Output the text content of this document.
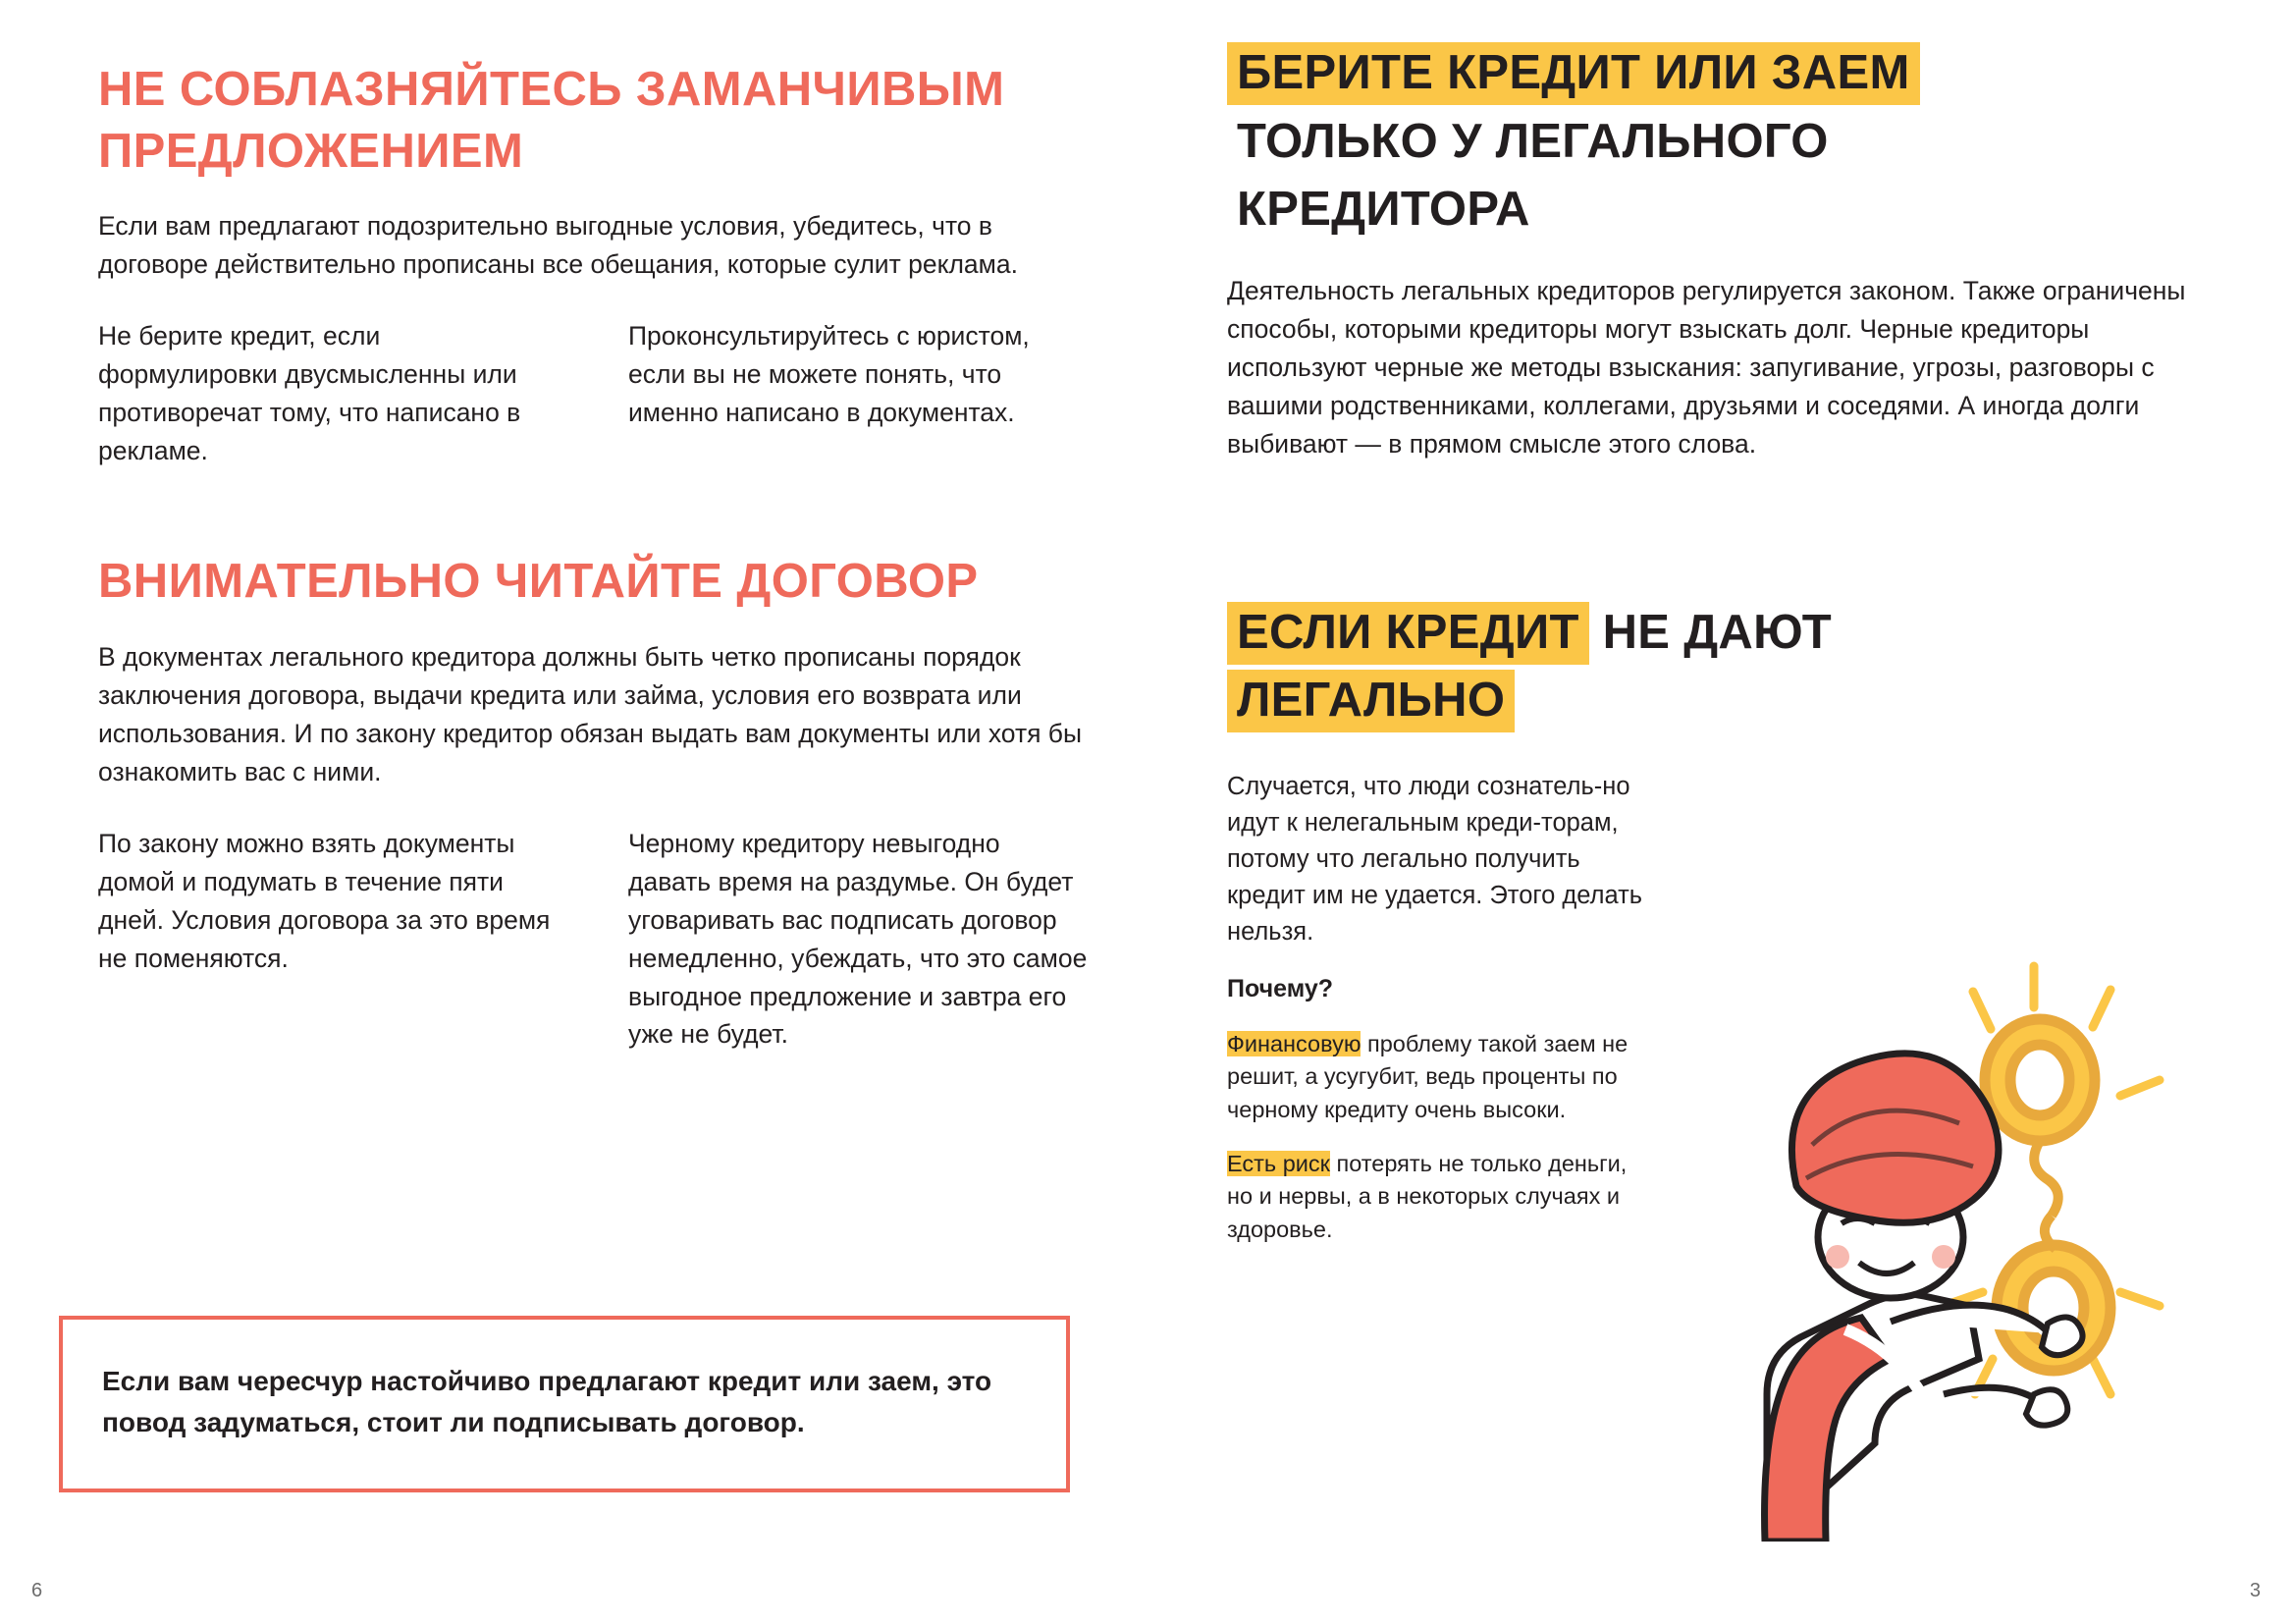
НЕ СОБЛАЗНЯЙТЕСЬ ЗАМАНЧИВЫМ ПРЕДЛОЖЕНИЕМ

Если вам предлагают подозрительно выгодные условия, убедитесь, что в договоре действительно прописаны все обещания, которые сулит реклама.

Не берите кредит, если формулировки двусмысленны или противоречат тому, что написано в рекламе.
Проконсультируйтесь с юристом, если вы не можете понять, что именно написано в документах.
ВНИМАТЕЛЬНО ЧИТАЙТЕ ДОГОВОР

В документах легального кредитора должны быть четко прописаны порядок заключения договора, выдачи кредита или займа, условия его возврата или использования. И по закону кредитор обязан выдать вам документы или хотя бы ознакомить вас с ними.

По закону можно взять документы домой и подумать в течение пяти дней. Условия договора за это время не поменяются.
Черному кредитору невыгодно давать время на раздумье. Он будет уговаривать вас подписать договор немедленно, убеждать, что это самое выгодное предложение и завтра его уже не будет.
Если вам чересчур настойчиво предлагают кредит или заем, это повод задуматься, стоит ли подписывать договор.
6
БЕРИТЕ КРЕДИТ ИЛИ ЗАЕМ
ТОЛЬКО У ЛЕГАЛЬНОГО
КРЕДИТОРА

Деятельность легальных кредиторов регулируется законом. Также ограничены способы, которыми кредиторы могут взыскать долг. Черные кредиторы используют черные же методы взыскания: запугивание, угрозы, разговоры с вашими родственниками, коллегами, друзьями и соседями. А иногда долги выбивают — в прямом смысле этого слова.

ЕСЛИ КРЕДИТ НЕ ДАЮТ
ЛЕГАЛЬНО

Случается, что люди сознатель-но идут к нелегальным креди-торам, потому что легально получить кредит им не удается. Этого делать нельзя.

Почему?

Финансовую проблему такой заем не решит, а усугубит, ведь проценты по черному кредиту очень высоки.

Есть риск потерять не только деньги, но и нервы, а в некоторых случаях и здоровье.

3
